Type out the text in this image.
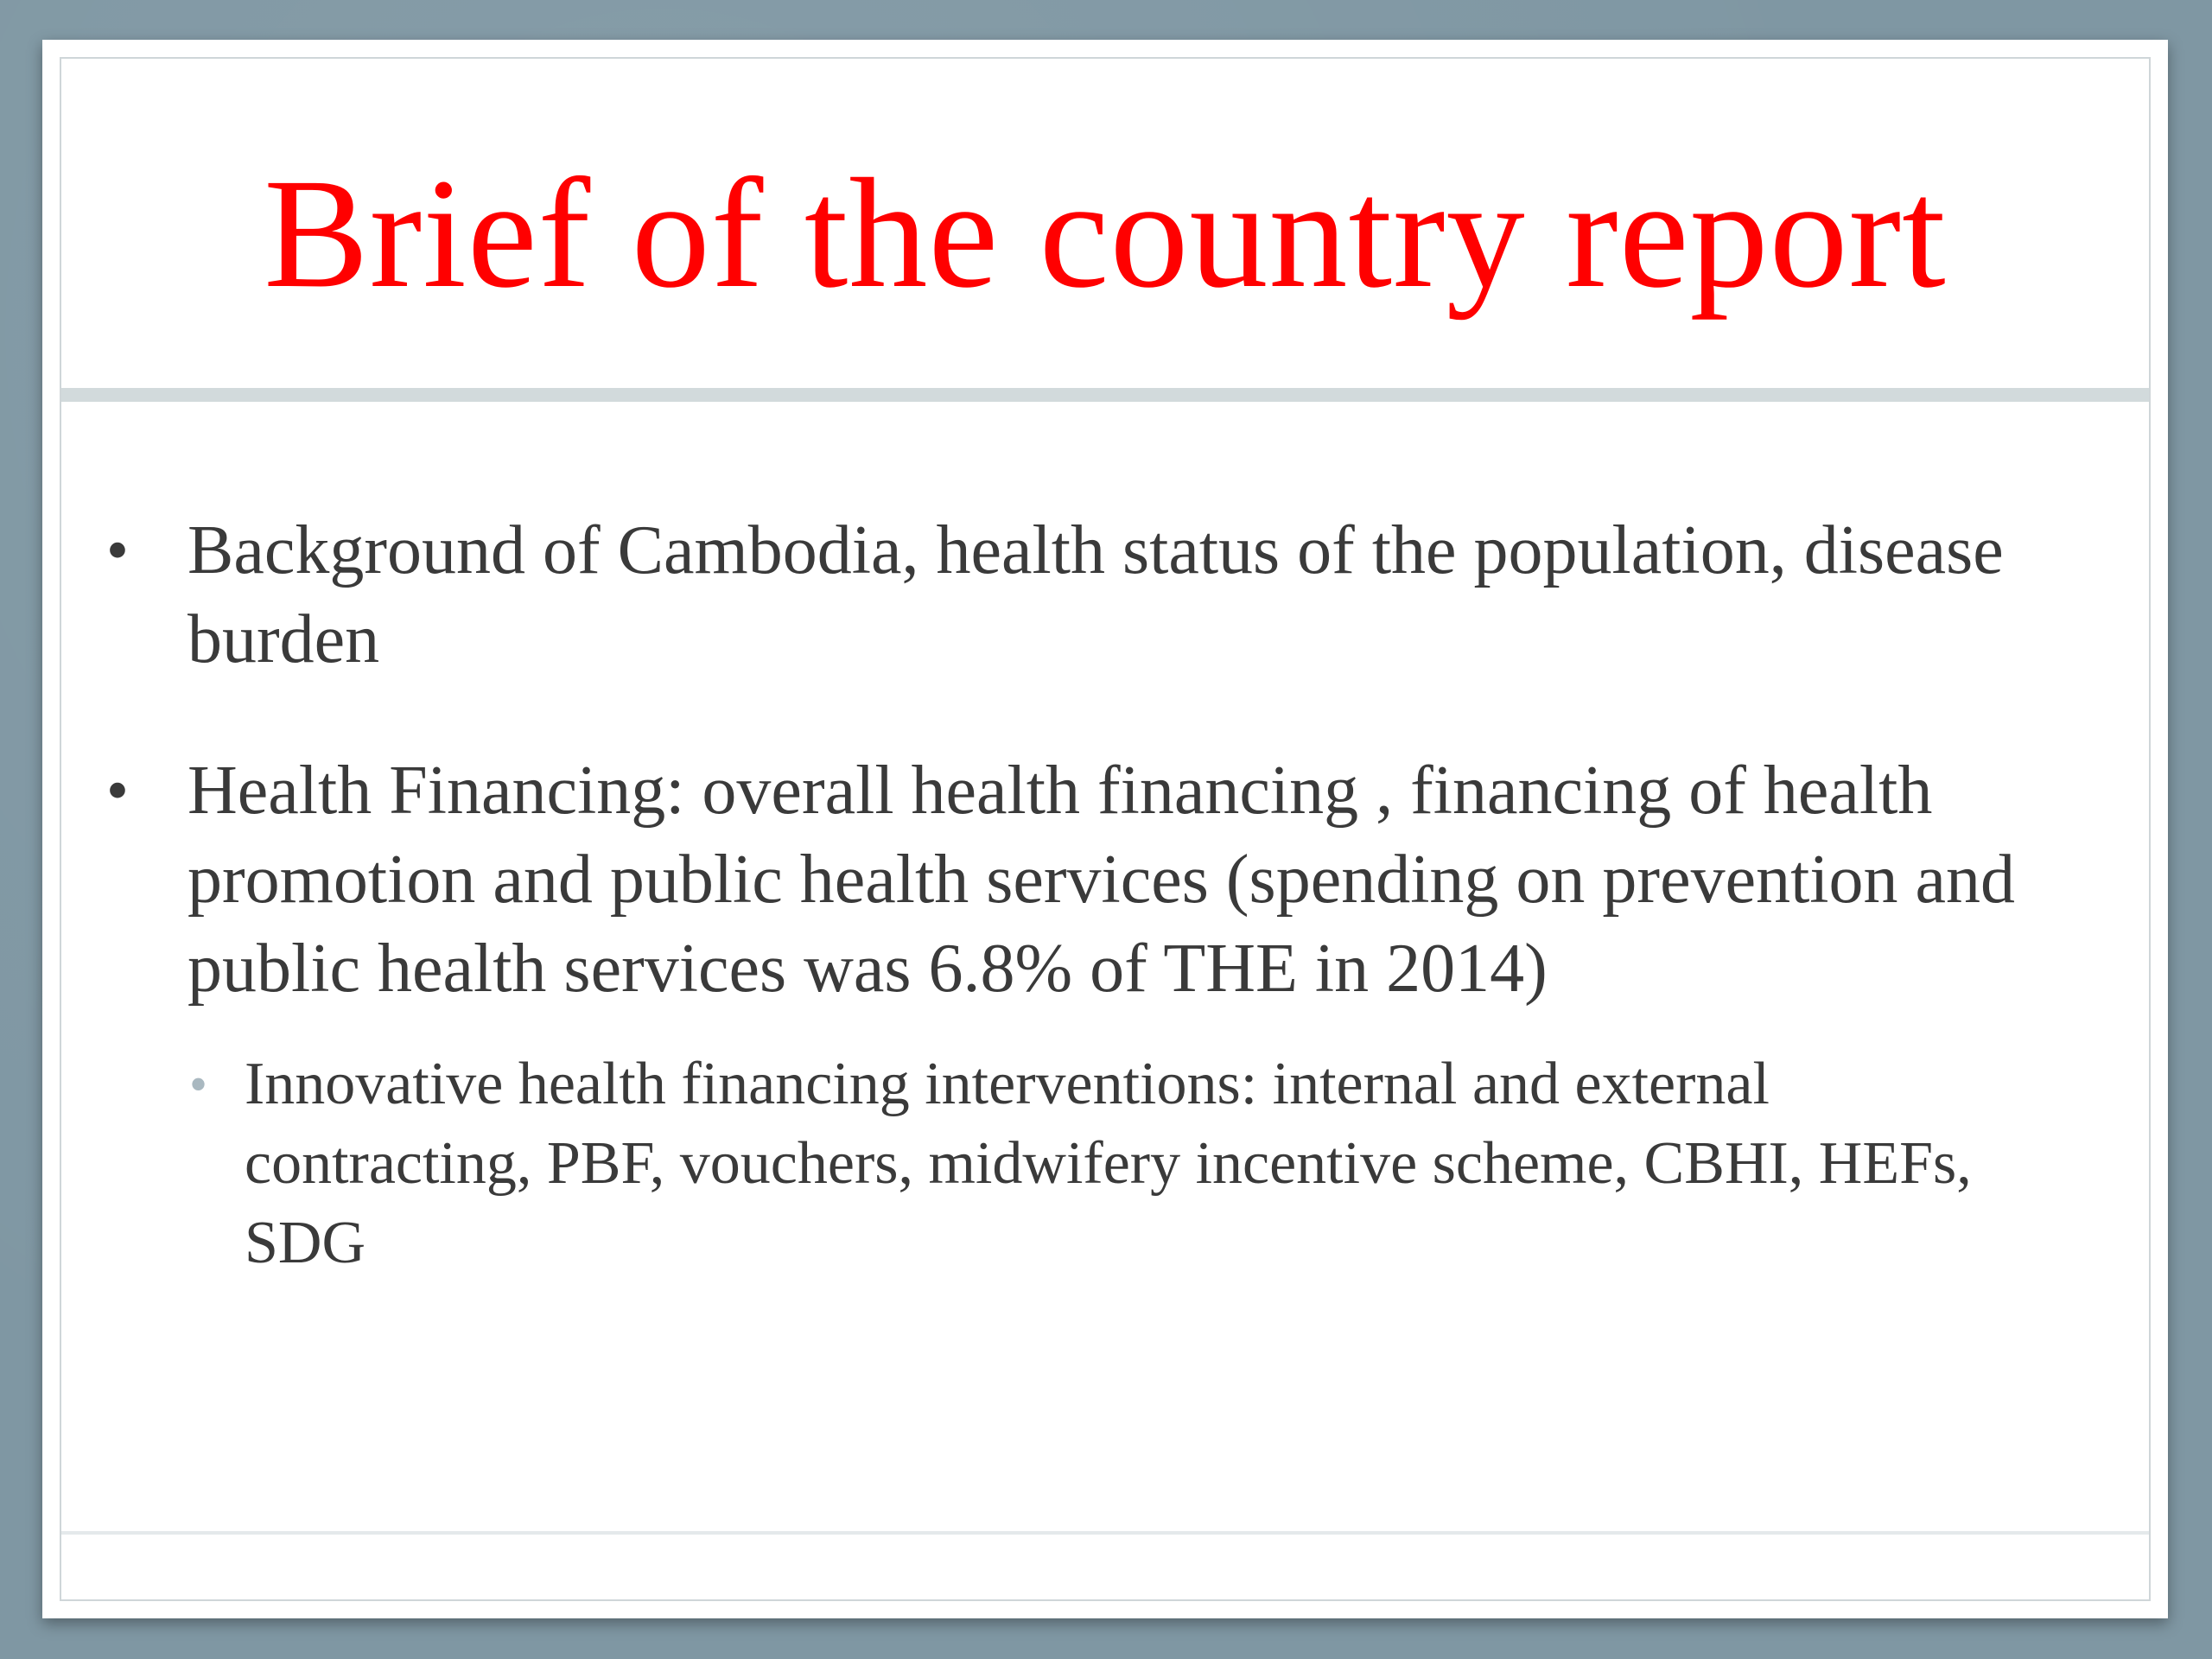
Brief of the country report
• Background of Cambodia, health status of the population, disease burden
• Health Financing: overall health financing , financing of health promotion and public health services (spending on prevention and public health services was 6.8% of THE in 2014)
• Innovative health financing interventions: internal and external contracting, PBF, vouchers, midwifery incentive scheme, CBHI, HEFs, SDG
